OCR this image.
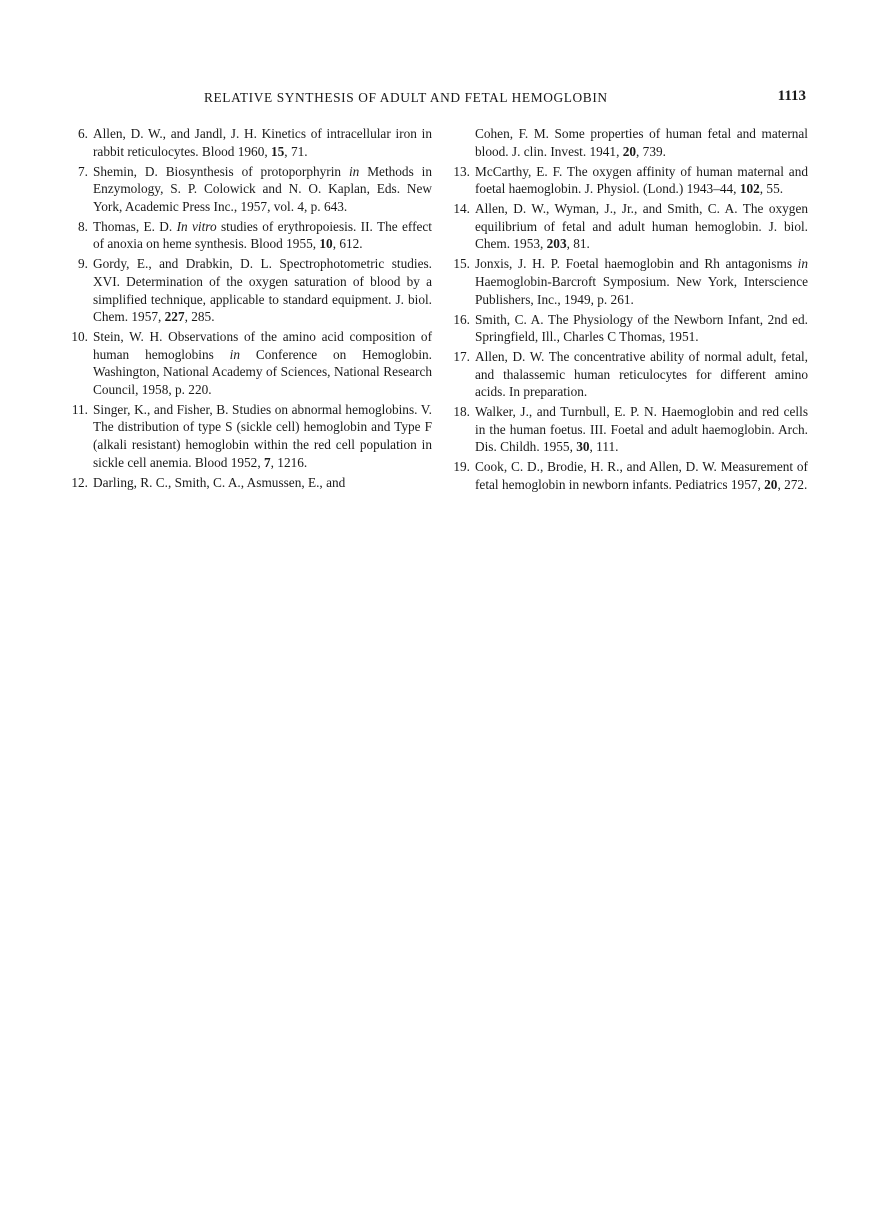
RELATIVE SYNTHESIS OF ADULT AND FETAL HEMOGLOBIN	1113
6. Allen, D. W., and Jandl, J. H. Kinetics of intracellular iron in rabbit reticulocytes. Blood 1960, 15, 71.
7. Shemin, D. Biosynthesis of protoporphyrin in Methods in Enzymology, S. P. Colowick and N. O. Kaplan, Eds. New York, Academic Press Inc., 1957, vol. 4, p. 643.
8. Thomas, E. D. In vitro studies of erythropoiesis. II. The effect of anoxia on heme synthesis. Blood 1955, 10, 612.
9. Gordy, E., and Drabkin, D. L. Spectrophotometric studies. XVI. Determination of the oxygen saturation of blood by a simplified technique, applicable to standard equipment. J. biol. Chem. 1957, 227, 285.
10. Stein, W. H. Observations of the amino acid composition of human hemoglobins in Conference on Hemoglobin. Washington, National Academy of Sciences, National Research Council, 1958, p. 220.
11. Singer, K., and Fisher, B. Studies on abnormal hemoglobins. V. The distribution of type S (sickle cell) hemoglobin and Type F (alkali resistant) hemoglobin within the red cell population in sickle cell anemia. Blood 1952, 7, 1216.
12. Darling, R. C., Smith, C. A., Asmussen, E., and
Cohen, F. M. Some properties of human fetal and maternal blood. J. clin. Invest. 1941, 20, 739.
13. McCarthy, E. F. The oxygen affinity of human maternal and foetal haemoglobin. J. Physiol. (Lond.) 1943–44, 102, 55.
14. Allen, D. W., Wyman, J., Jr., and Smith, C. A. The oxygen equilibrium of fetal and adult human hemoglobin. J. biol. Chem. 1953, 203, 81.
15. Jonxis, J. H. P. Foetal haemoglobin and Rh antagonisms in Haemoglobin-Barcroft Symposium. New York, Interscience Publishers, Inc., 1949, p. 261.
16. Smith, C. A. The Physiology of the Newborn Infant, 2nd ed. Springfield, Ill., Charles C Thomas, 1951.
17. Allen, D. W. The concentrative ability of normal adult, fetal, and thalassemic human reticulocytes for different amino acids. In preparation.
18. Walker, J., and Turnbull, E. P. N. Haemoglobin and red cells in the human foetus. III. Foetal and adult haemoglobin. Arch. Dis. Childh. 1955, 30, 111.
19. Cook, C. D., Brodie, H. R., and Allen, D. W. Measurement of fetal hemoglobin in newborn infants. Pediatrics 1957, 20, 272.
